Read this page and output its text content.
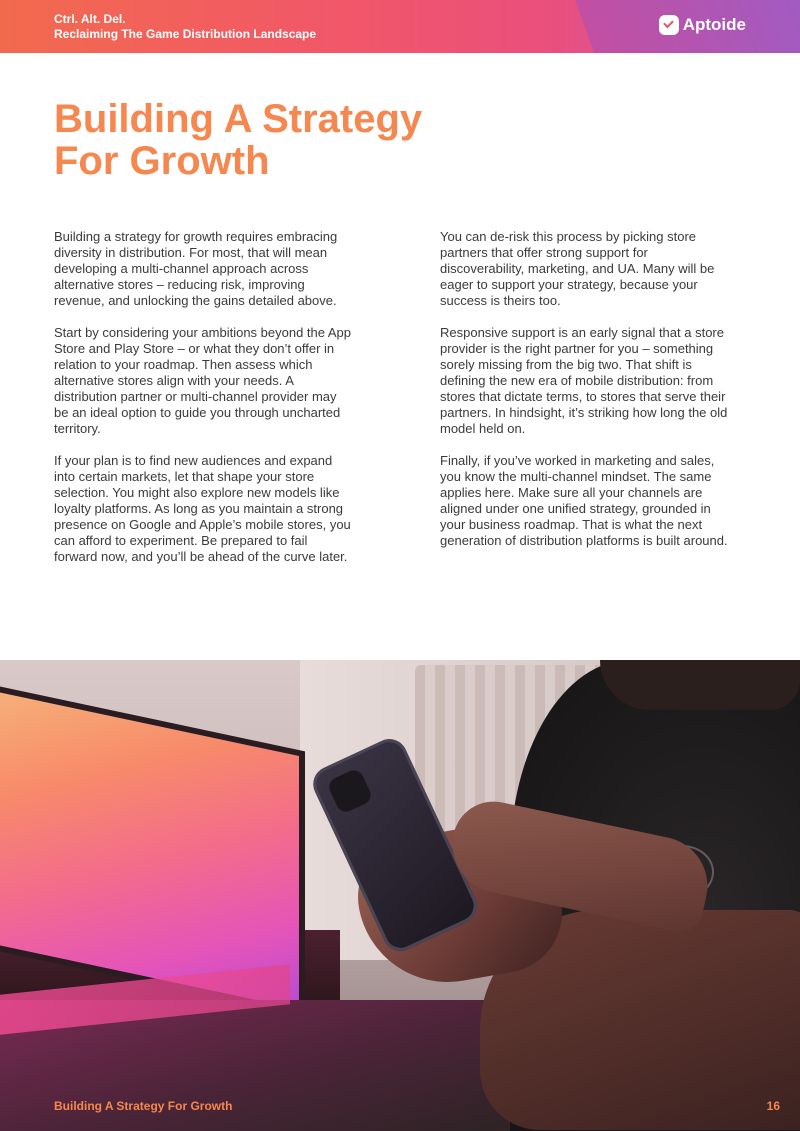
Ctrl. Alt. Del.
Reclaiming The Game Distribution Landscape	Aptoide
Building A Strategy
For Growth

Building a strategy for growth requires embracing diversity in distribution. For most, that will mean developing a multi-channel approach across alternative stores – reducing risk, improving revenue, and unlocking the gains detailed above.

Start by considering your ambitions beyond the App Store and Play Store – or what they don’t offer in relation to your roadmap. Then assess which alternative stores align with your needs. A distribution partner or multi-channel provider may be an ideal option to guide you through uncharted territory.

If your plan is to find new audiences and expand into certain markets, let that shape your store selection. You might also explore new models like loyalty platforms. As long as you maintain a strong presence on Google and Apple’s mobile stores, you can afford to experiment. Be prepared to fail forward now, and you’ll be ahead of the curve later.

You can de-risk this process by picking store partners that offer strong support for discoverability, marketing, and UA. Many will be eager to support your strategy, because your success is theirs too.

Responsive support is an early signal that a store provider is the right partner for you – something sorely missing from the big two. That shift is defining the new era of mobile distribution: from stores that dictate terms, to stores that serve their partners. In hindsight, it’s striking how long the old model held on.

Finally, if you’ve worked in marketing and sales, you know the multi-channel mindset. The same applies here. Make sure all your channels are aligned under one unified strategy, grounded in your business roadmap. That is what the next generation of distribution platforms is built around.

Building A Strategy For Growth	16
